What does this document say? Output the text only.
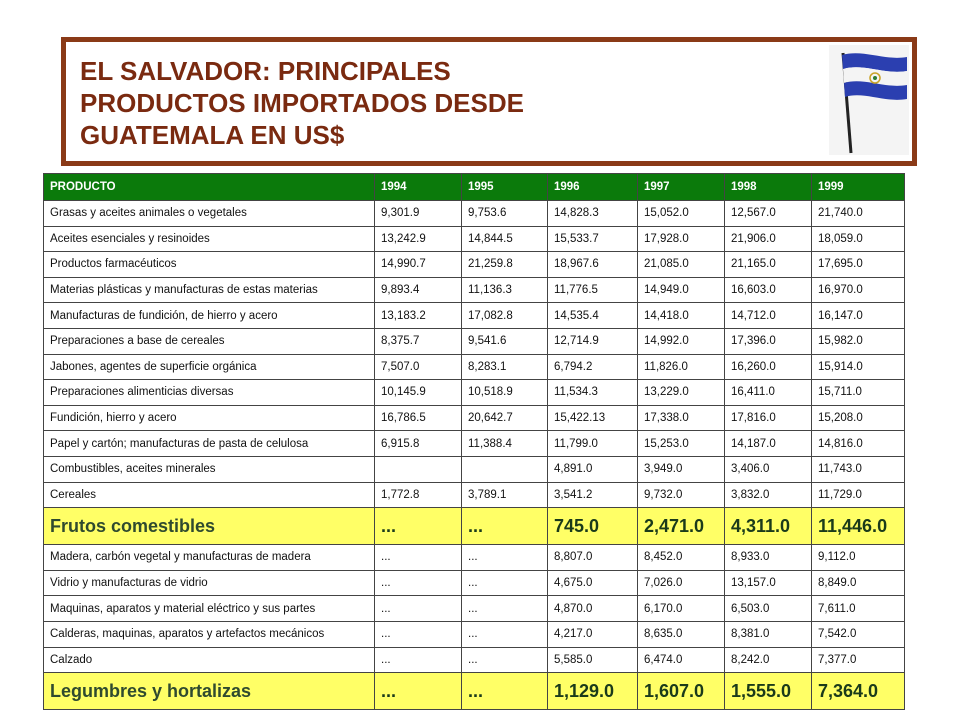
EL SALVADOR: PRINCIPALES
PRODUCTOS IMPORTADOS DESDE
GUATEMALA EN US$
PRODUCTO	1994	1995	1996	1997	1998	1999
Grasas y aceites animales o vegetales	9,301.9	9,753.6	14,828.3	15,052.0	12,567.0	21,740.0
Aceites esenciales y resinoides	13,242.9	14,844.5	15,533.7	17,928.0	21,906.0	18,059.0
Productos farmacéuticos	14,990.7	21,259.8	18,967.6	21,085.0	21,165.0	17,695.0
Materias plásticas y manufacturas de estas materias	9,893.4	11,136.3	11,776.5	14,949.0	16,603.0	16,970.0
Manufacturas de fundición, de hierro y acero	13,183.2	17,082.8	14,535.4	14,418.0	14,712.0	16,147.0
Preparaciones a base de cereales	8,375.7	9,541.6	12,714.9	14,992.0	17,396.0	15,982.0
Jabones, agentes de superficie orgánica	7,507.0	8,283.1	6,794.2	11,826.0	16,260.0	15,914.0
Preparaciones alimenticias diversas	10,145.9	10,518.9	11,534.3	13,229.0	16,411.0	15,711.0
Fundición, hierro y acero	16,786.5	20,642.7	15,422.13	17,338.0	17,816.0	15,208.0
Papel y cartón; manufacturas de pasta de celulosa	6,915.8	11,388.4	11,799.0	15,253.0	14,187.0	14,816.0
Combustibles, aceites minerales			4,891.0	3,949.0	3,406.0	11,743.0
Cereales	1,772.8	3,789.1	3,541.2	9,732.0	3,832.0	11,729.0
Frutos comestibles	...	...	745.0	2,471.0	4,311.0	11,446.0
Madera, carbón vegetal y manufacturas de madera	...	...	8,807.0	8,452.0	8,933.0	9,112.0
Vidrio y manufacturas de vidrio	...	...	4,675.0	7,026.0	13,157.0	8,849.0
Maquinas, aparatos y material eléctrico y sus partes	...	...	4,870.0	6,170.0	6,503.0	7,611.0
Calderas, maquinas, aparatos y artefactos mecánicos	...	...	4,217.0	8,635.0	8,381.0	7,542.0
Calzado	...	...	5,585.0	6,474.0	8,242.0	7,377.0
Legumbres y hortalizas	...	...	1,129.0	1,607.0	1,555.0	7,364.0
